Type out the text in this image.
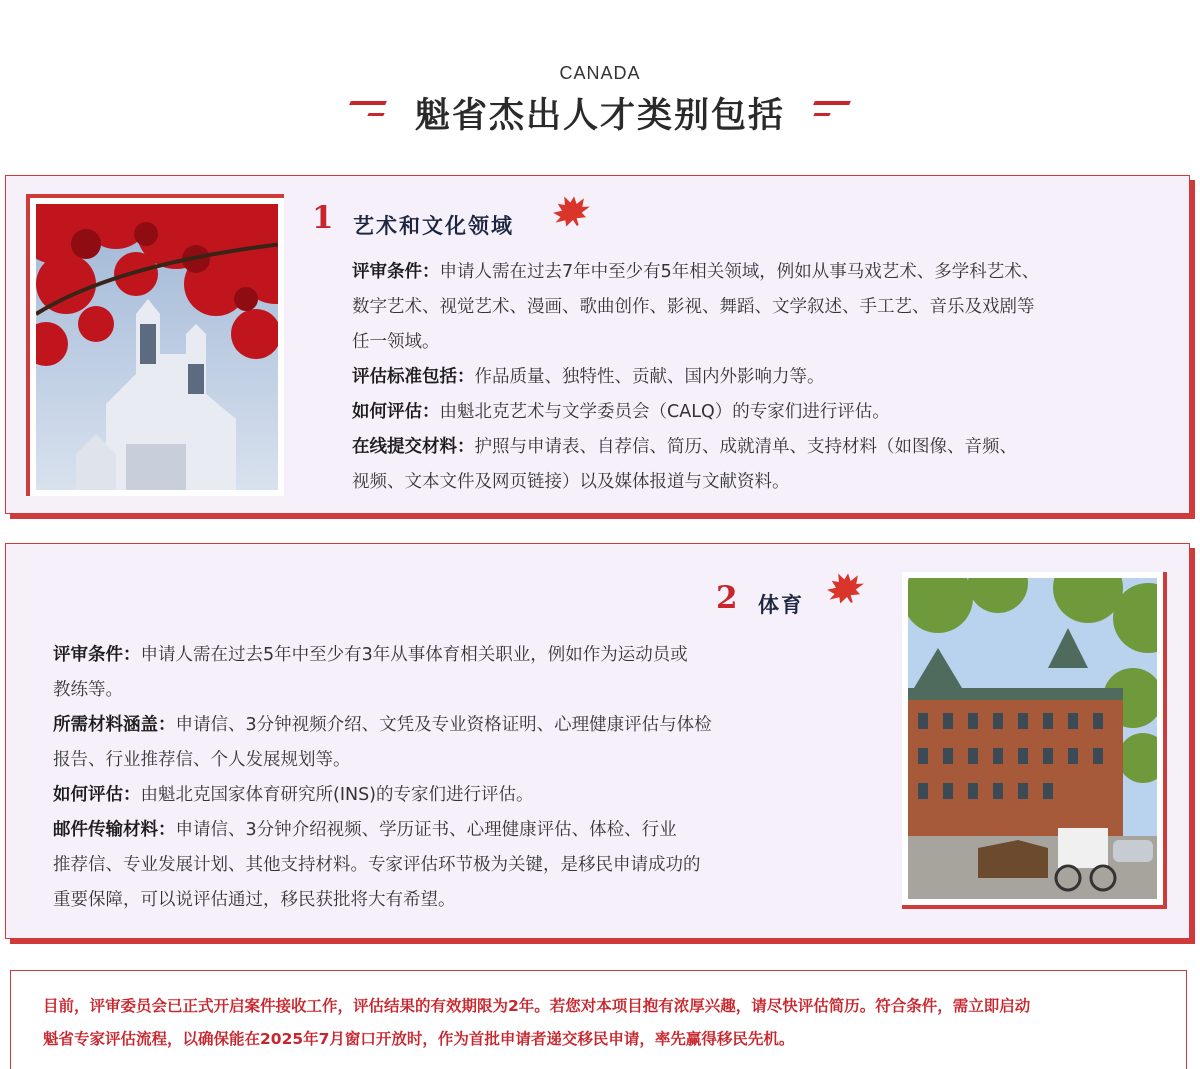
CANADA
魁省杰出人才类别包括
1 艺术和文化领域

评审条件：申请人需在过去7年中至少有5年相关领域，例如从事马戏艺术、多学科艺术、

数字艺术、视觉艺术、漫画、歌曲创作、影视、舞蹈、文学叙述、手工艺、音乐及戏剧等

任一领域。

评估标准包括：作品质量、独特性、贡献、国内外影响力等。

如何评估：由魁北克艺术与文学委员会（CALQ）的专家们进行评估。

在线提交材料：护照与申请表、自荐信、简历、成就清单、支持材料（如图像、音频、

视频、文本文件及网页链接）以及媒体报道与文献资料。

2 体育

评审条件：申请人需在过去5年中至少有3年从事体育相关职业，例如作为运动员或

教练等。

所需材料涵盖：申请信、3分钟视频介绍、文凭及专业资格证明、心理健康评估与体检

报告、行业推荐信、个人发展规划等。

如何评估：由魁北克国家体育研究所(INS)的专家们进行评估。

邮件传输材料：申请信、3分钟介绍视频、学历证书、心理健康评估、体检、行业

推荐信、专业发展计划、其他支持材料。专家评估环节极为关键，是移民申请成功的

重要保障，可以说评估通过，移民获批将大有希望。

目前，评审委员会已正式开启案件接收工作，评估结果的有效期限为2年。若您对本项目抱有浓厚兴趣，请尽快评估简历。符合条件，需立即启动
魁省专家评估流程，以确保能在2025年7月窗口开放时，作为首批申请者递交移民申请，率先赢得移民先机。
